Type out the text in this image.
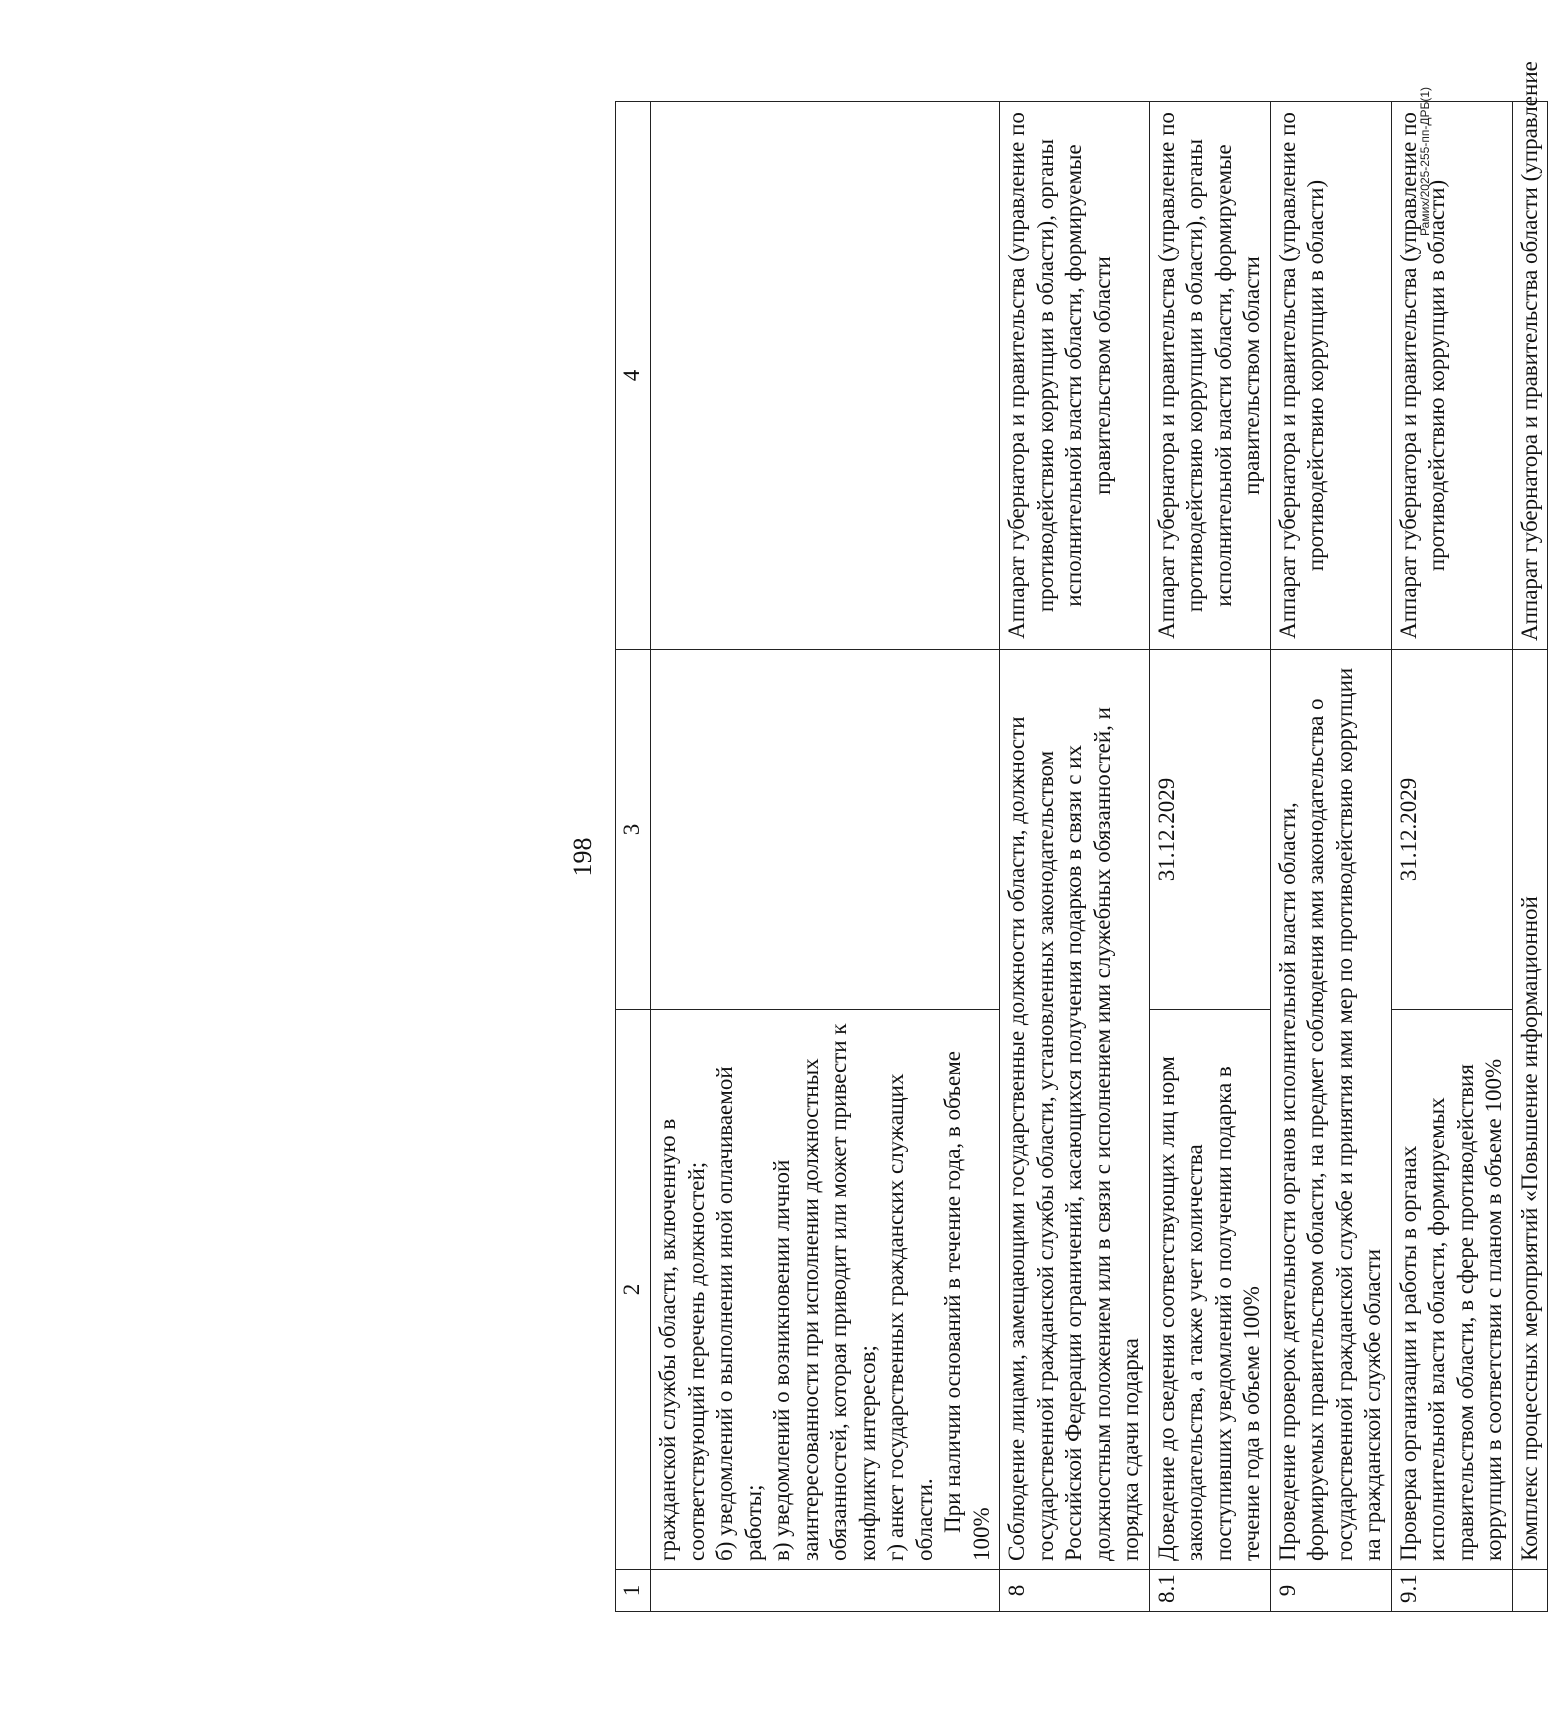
198
1	2	3	4

	гражданской службы области, включенную в соответствующий перечень должностей; б) уведомлений о выполнении иной оплачиваемой работы; в) уведомлений о возникновении личной заинтересованности при исполнении должностных обязанностей, которая приводит или может привести к конфликту интересов; г) анкет государственных гражданских служащих области. При наличии оснований в течение года, в объеме 100%		

8	Соблюдение лицами, замещающими государственные должности области, должности государственной гражданской службы области, установленных законодательством Российской Федерации ограничений, касающихся получения подарков в связи с их должностным положением или в связи с исполнением ими служебных обязанностей, и порядка сдачи подарка		Аппарат губернатора и правительства (управление по противодействию коррупции в области), органы исполнительной власти области, формируемые правительством области
8.1	Доведение до сведения соответствующих лиц норм законодательства, а также учет количества поступивших уведомлений о получении подарка в течение года в объеме 100%	31.12.2029	Аппарат губернатора и правительства (управление по противодействию коррупции в области), органы исполнительной власти области, формируемые правительством области
9	Проведение проверок деятельности органов исполнительной власти области, формируемых правительством области, на предмет соблюдения ими законодательства о государственной гражданской службе и принятия ими мер по противодействию коррупции на гражданской службе области		Аппарат губернатора и правительства (управление по противодействию коррупции в области)
9.1	Проверка организации и работы в органах исполнительной власти области, формируемых правительством области, в сфере противодействия коррупции в соответствии с планом в объеме 100%	31.12.2029	Аппарат губернатора и правительства (управление по противодействию коррупции в области)
	Комплекс процессных мероприятий «Повышение информационной		Аппарат губернатора и правительства области (управление
Рамих/2025-255-пп-ДРБ(1)
